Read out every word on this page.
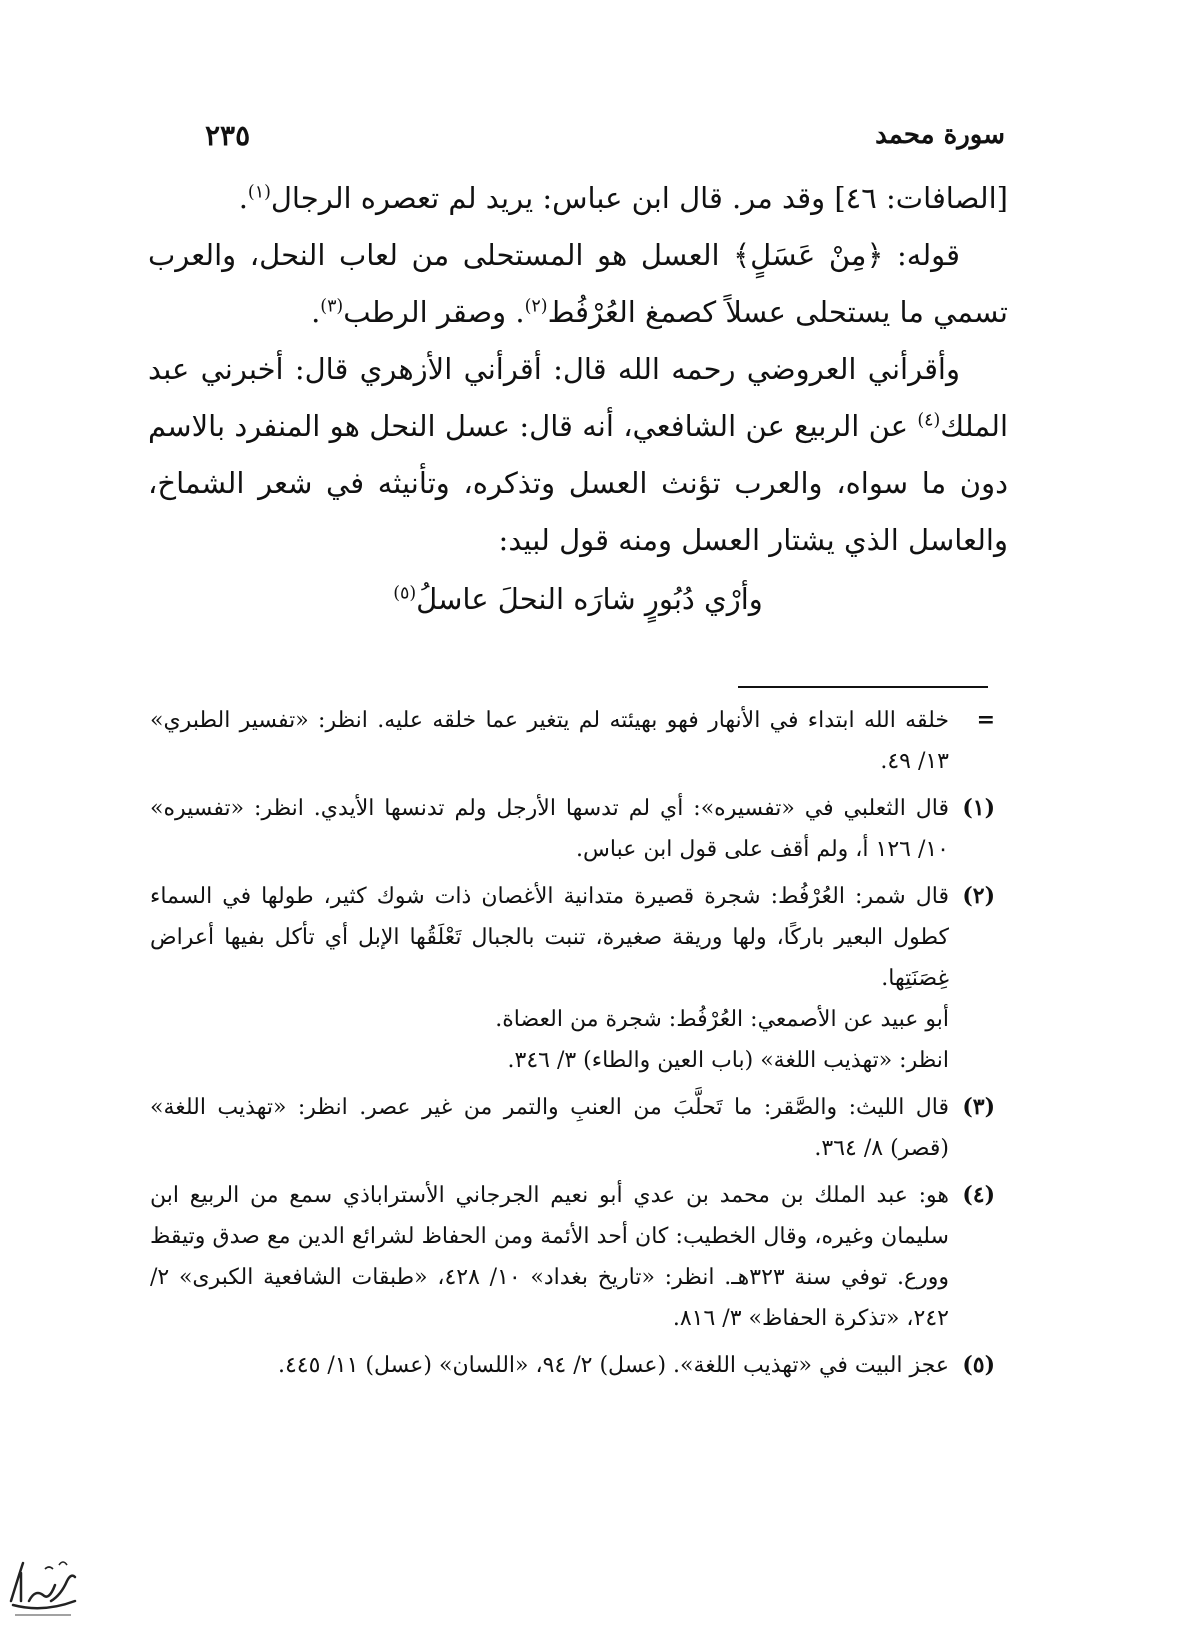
سورة محمد
٢٣٥

[الصافات: ٤٦] وقد مر. قال ابن عباس: يريد لم تعصره الرجال$^{(١)}$.

قوله: ﴿مِنْ عَسَلٍ﴾ العسل هو المستحلى من لعاب النحل، والعرب تسمي ما يستحلى عسلاً كصمغ العُرْفُط$^{(٢)}$. وصقر الرطب$^{(٣)}$.

وأقرأني العروضي رحمه الله قال: أقرأني الأزهري قال: أخبرني عبد الملك$^{(٤)}$ عن الربيع عن الشافعي، أنه قال: عسل النحل هو المنفرد بالاسم دون ما سواه، والعرب تؤنث العسل وتذكره، وتأنيثه في شعر الشماخ، والعاسل الذي يشتار العسل ومنه قول لبيد:

وأرْي دُبُورٍ شارَه النحلَ عاسلُ$^{(٥)}$

=

خلقه الله ابتداء في الأنهار فهو بهيئته لم يتغير عما خلقه عليه. انظر: «تفسير الطبري» ١٣/ ٤٩.

(١)

قال الثعلبي في «تفسيره»: أي لم تدسها الأرجل ولم تدنسها الأيدي. انظر: «تفسيره» ١٠/ ١٢٦ أ، ولم أقف على قول ابن عباس.

(٢)

قال شمر: العُرْفُط: شجرة قصيرة متدانية الأغصان ذات شوك كثير، طولها في السماء كطول البعير باركًا، ولها وريقة صغيرة، تنبت بالجبال تَعْلَقُها الإبل أي تأكل بفيها أعراض غِصَنَتِها.

أبو عبيد عن الأصمعي: العُرْفُط: شجرة من العضاة.

انظر: «تهذيب اللغة» (باب العين والطاء) ٣/ ٣٤٦.

(٣)

قال الليث: والصَّقر: ما تَحلَّبَ من العنبِ والتمر من غير عصر. انظر: «تهذيب اللغة» (قصر) ٨/ ٣٦٤.

(٤)

هو: عبد الملك بن محمد بن عدي أبو نعيم الجرجاني الأستراباذي سمع من الربيع ابن سليمان وغيره، وقال الخطيب: كان أحد الأئمة ومن الحفاظ لشرائع الدين مع صدق وتيقظ وورع. توفي سنة ٣٢٣هـ. انظر: «تاريخ بغداد» ١٠/ ٤٢٨، «طبقات الشافعية الكبرى» ٢/ ٢٤٢، «تذكرة الحفاظ» ٣/ ٨١٦.

(٥)

عجز البيت في «تهذيب اللغة». (عسل) ٢/ ٩٤، «اللسان» (عسل) ١١/ ٤٤٥.
